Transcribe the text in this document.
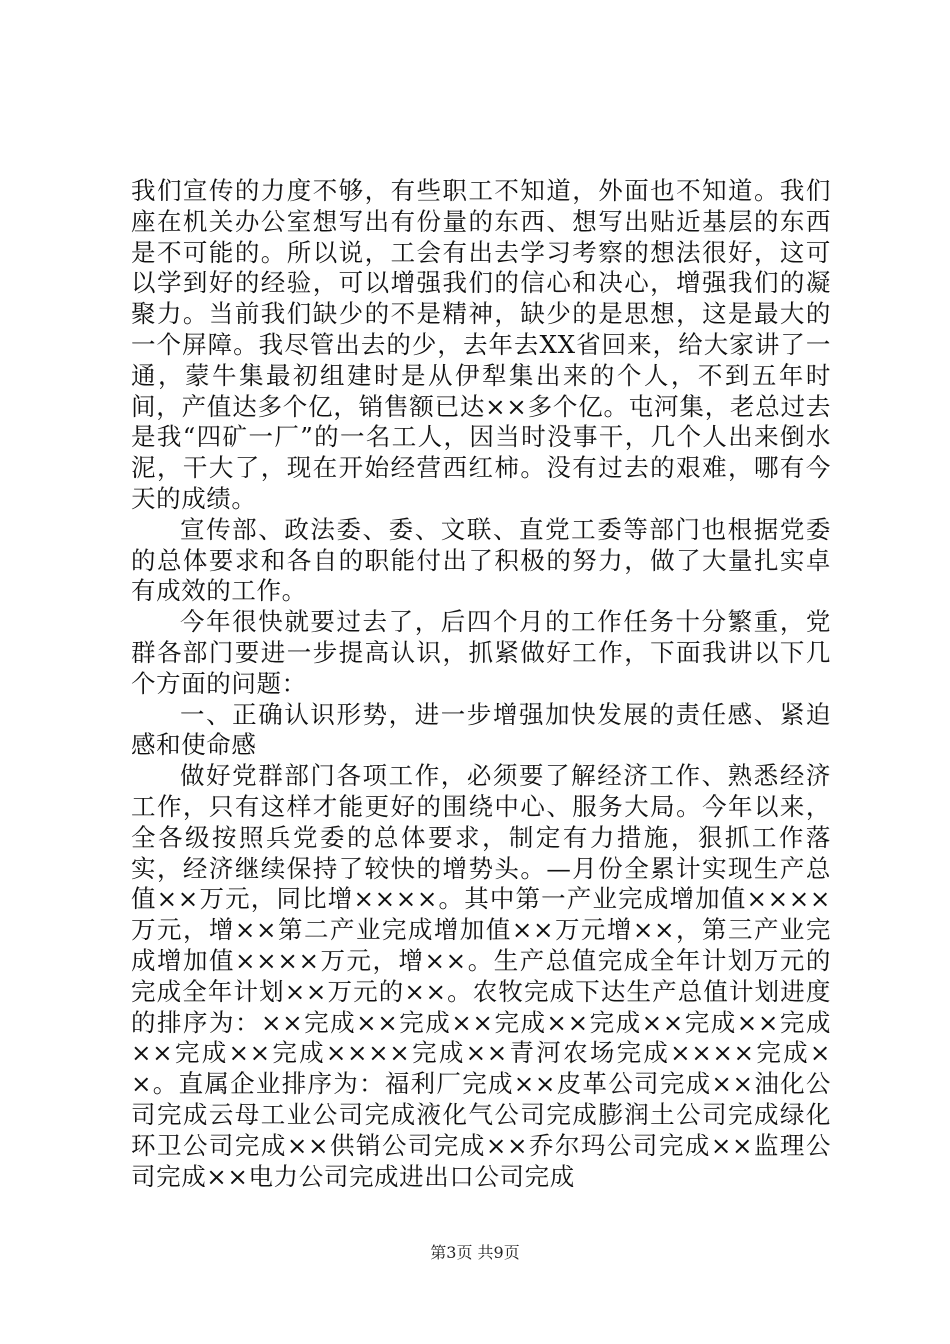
我们宣传的力度不够，有些职工不知道，外面也不知道。我们座在机关办公室想写出有份量的东西、想写出贴近基层的东西是不可能的。所以说，工会有出去学习考察的想法很好，这可以学到好的经验，可以增强我们的信心和决心，增强我们的凝聚力。当前我们缺少的不是精神，缺少的是思想，这是最大的一个屏障。我尽管出去的少，去年去XX省回来，给大家讲了一通，蒙牛集最初组建时是从伊犁集出来的个人，不到五年时间，产值达多个亿，销售额已达××多个亿。屯河集，老总过去是我“四矿一厂”的一名工人，因当时没事干，几个人出来倒水泥，干大了，现在开始经营西红柿。没有过去的艰难，哪有今天的成绩。

宣传部、政法委、委、文联、直党工委等部门也根据党委的总体要求和各自的职能付出了积极的努力，做了大量扎实卓有成效的工作。

今年很快就要过去了，后四个月的工作任务十分繁重，党群各部门要进一步提高认识，抓紧做好工作，下面我讲以下几个方面的问题：

一、正确认识形势，进一步增强加快发展的责任感、紧迫感和使命感

做好党群部门各项工作，必须要了解经济工作、熟悉经济工作，只有这样才能更好的围绕中心、服务大局。今年以来，全各级按照兵党委的总体要求，制定有力措施，狠抓工作落实，经济继续保持了较快的增势头。—月份全累计实现生产总值××万元，同比增××××。其中第一产业完成增加值××××万元，增××第二产业完成增加值××万元增××，第三产业完成增加值××××万元，增××。生产总值完成全年计划万元的完成全年计划××万元的××。农牧完成下达生产总值计划进度的排序为：××完成××完成××完成××完成××完成××完成××完成××完成××××完成××青河农场完成××××完成××。直属企业排序为：福利厂完成××皮革公司完成××油化公司完成云母工业公司完成液化气公司完成膨润土公司完成绿化环卫公司完成××供销公司完成××乔尔玛公司完成××监理公司完成××电力公司完成进出口公司完成

第3页 共9页
